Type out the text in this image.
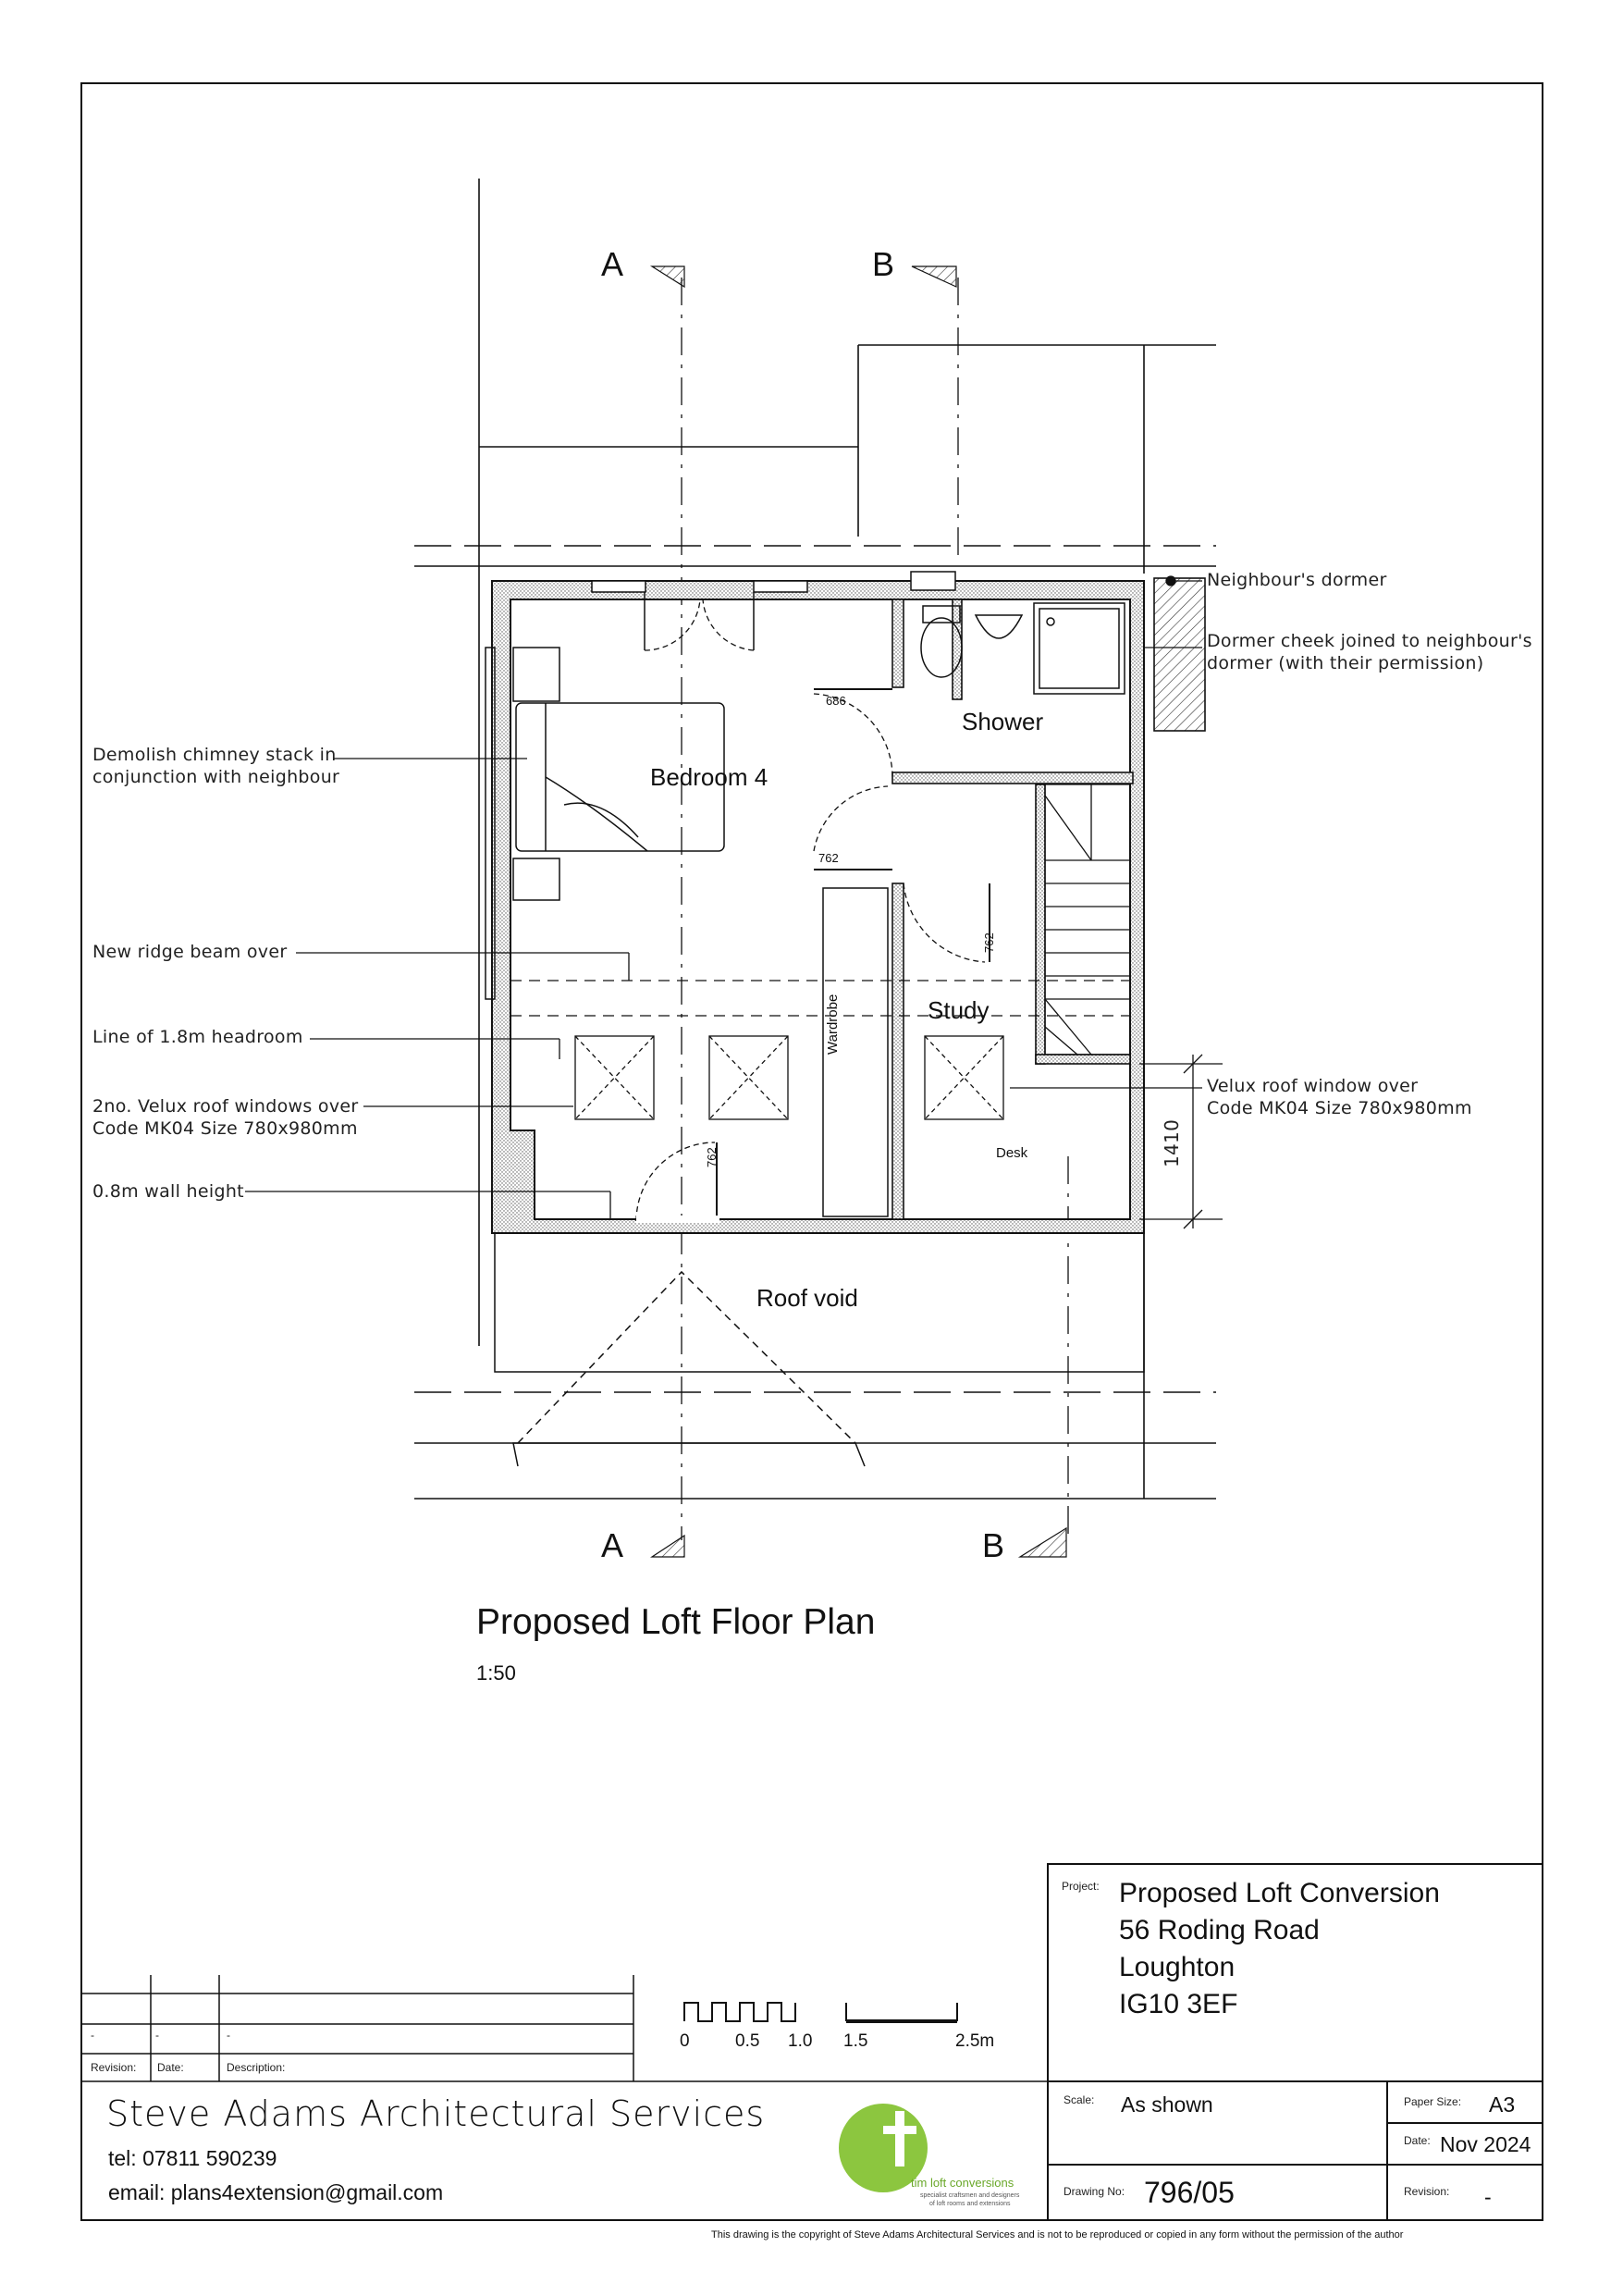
A	B
A	B
Bedroom 4
Shower
Study
Roof void
Wardrobe
Desk
686
762
762
762	1410
Neighbour's dormer
Dormer cheek joined to neighbour's
dormer (with their permission)
Demolish chimney stack in
conjunction with neighbour
New ridge beam over
Line of 1.8m headroom
2no. Velux roof windows over
Code MK04 Size 780x980mm
0.8m wall height
Velux roof window over
Code MK04 Size 780x980mm
Proposed Loft Floor Plan
1:50
0	0.5 1.0 1.5	2.5m
-	-	-
Revision: Date:	Description:
Steve Adams Architectural Services
tel: 07811 590239
email: plans4extension@gmail.com	tim loft conversions
specialist craftsmen and designers
of loft rooms and extensions
Project: Proposed Loft Conversion
56 Roding Road
Loughton
IG10 3EF
Scale: As shown	Paper Size: A3
Date: Nov 2024
Drawing No: 796/05	Revision: -
This drawing is the copyright of Steve Adams Architectural Services and is not to be reproduced or copied in any form without the permission of the author
